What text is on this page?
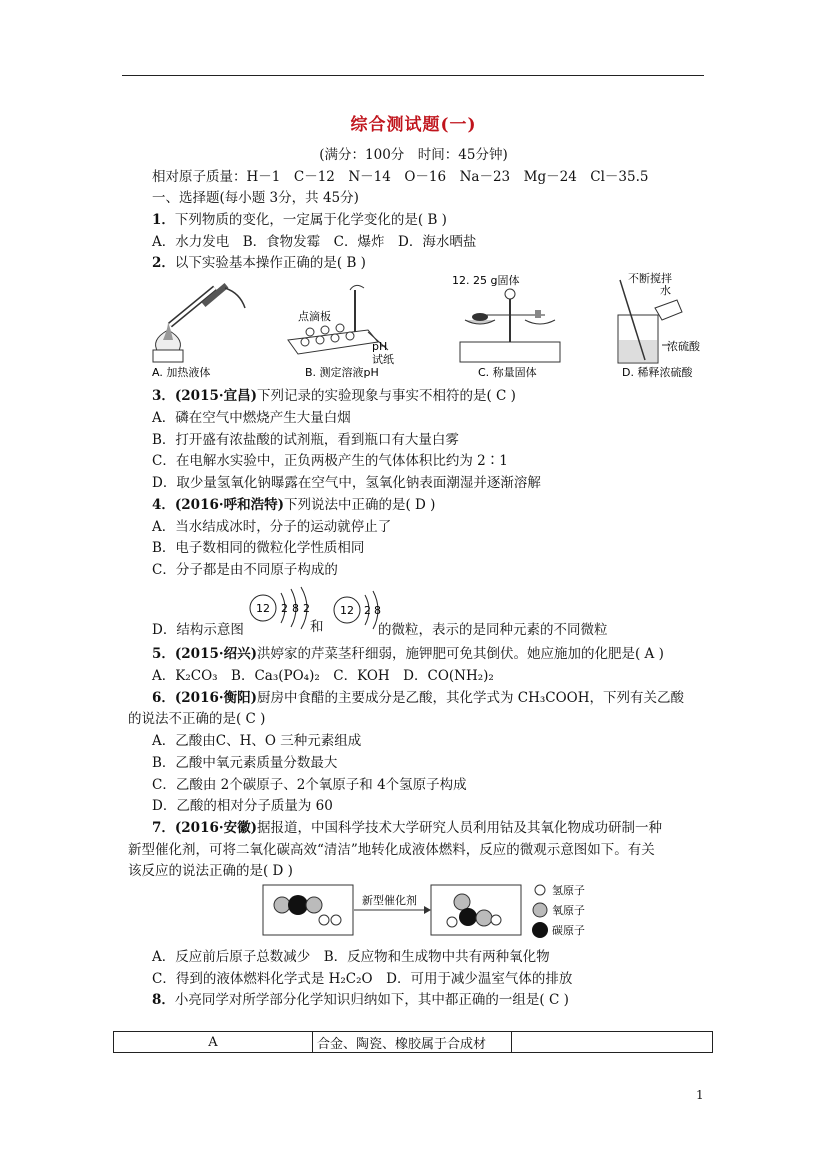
综合测试题(一)
(满分：100分　时间：45分钟)
相对原子质量：H－1　C－12　N－14　O－16　Na－23　Mg－24　Cl－35.5
一、选择题(每小题 3分，共 45分)
1．下列物质的变化，一定属于化学变化的是( B )
A．水力发电　B．食物发霉　C．爆炸　D．海水晒盐
2．以下实验基本操作正确的是( B )
A. 加热液体
点滴板
pH
试纸
B. 测定溶液pH
12. 25 g固体
C. 称量固体
不断搅拌
水
浓硫酸
D. 稀释浓硫酸
3．(2015·宜昌)下列记录的实验现象与事实不相符的是( C )
A．磷在空气中燃烧产生大量白烟
B．打开盛有浓盐酸的试剂瓶，看到瓶口有大量白雾
C．在电解水实验中，正负两极产生的气体体积比约为 2∶1
D．取少量氢氧化钠曝露在空气中，氢氧化钠表面潮湿并逐渐溶解
4．(2016·呼和浩特)下列说法中正确的是( D )
A．当水结成冰时，分子的运动就停止了
B．电子数相同的微粒化学性质相同
C．分子都是由不同原子构成的
D．结构示意图	和	的微粒，表示的是同种元素的不同微粒
12 2 8 2	12 2 8
5．(2015·绍兴)洪婷家的芹菜茎秆细弱，施钾肥可免其倒伏。她应施加的化肥是( A )
A．K₂CO₃　B．Ca₃(PO₄)₂　C．KOH　D．CO(NH₂)₂
6．(2016·衡阳)厨房中食醋的主要成分是乙酸，其化学式为 CH₃COOH，下列有关乙酸
的说法不正确的是( C )
A．乙酸由C、H、O 三种元素组成
B．乙酸中氧元素质量分数最大
C．乙酸由 2个碳原子、2个氧原子和 4个氢原子构成
D．乙酸的相对分子质量为 60
7．(2016·安徽)据报道，中国科学技术大学研究人员利用钴及其氧化物成功研制一种
新型催化剂，可将二氧化碳高效“清洁”地转化成液体燃料，反应的微观示意图如下。有关
该反应的说法正确的是( D )
新型催化剂
氢原子
氧原子
碳原子
A．反应前后原子总数减少　B．反应物和生成物中共有两种氧化物
C．得到的液体燃料化学式是 H₂C₂O　D．可用于减少温室气体的排放
8．小亮同学对所学部分化学知识归纳如下，其中都正确的一组是( C )
A	合金、陶瓷、橡胶属于合成材	
1
